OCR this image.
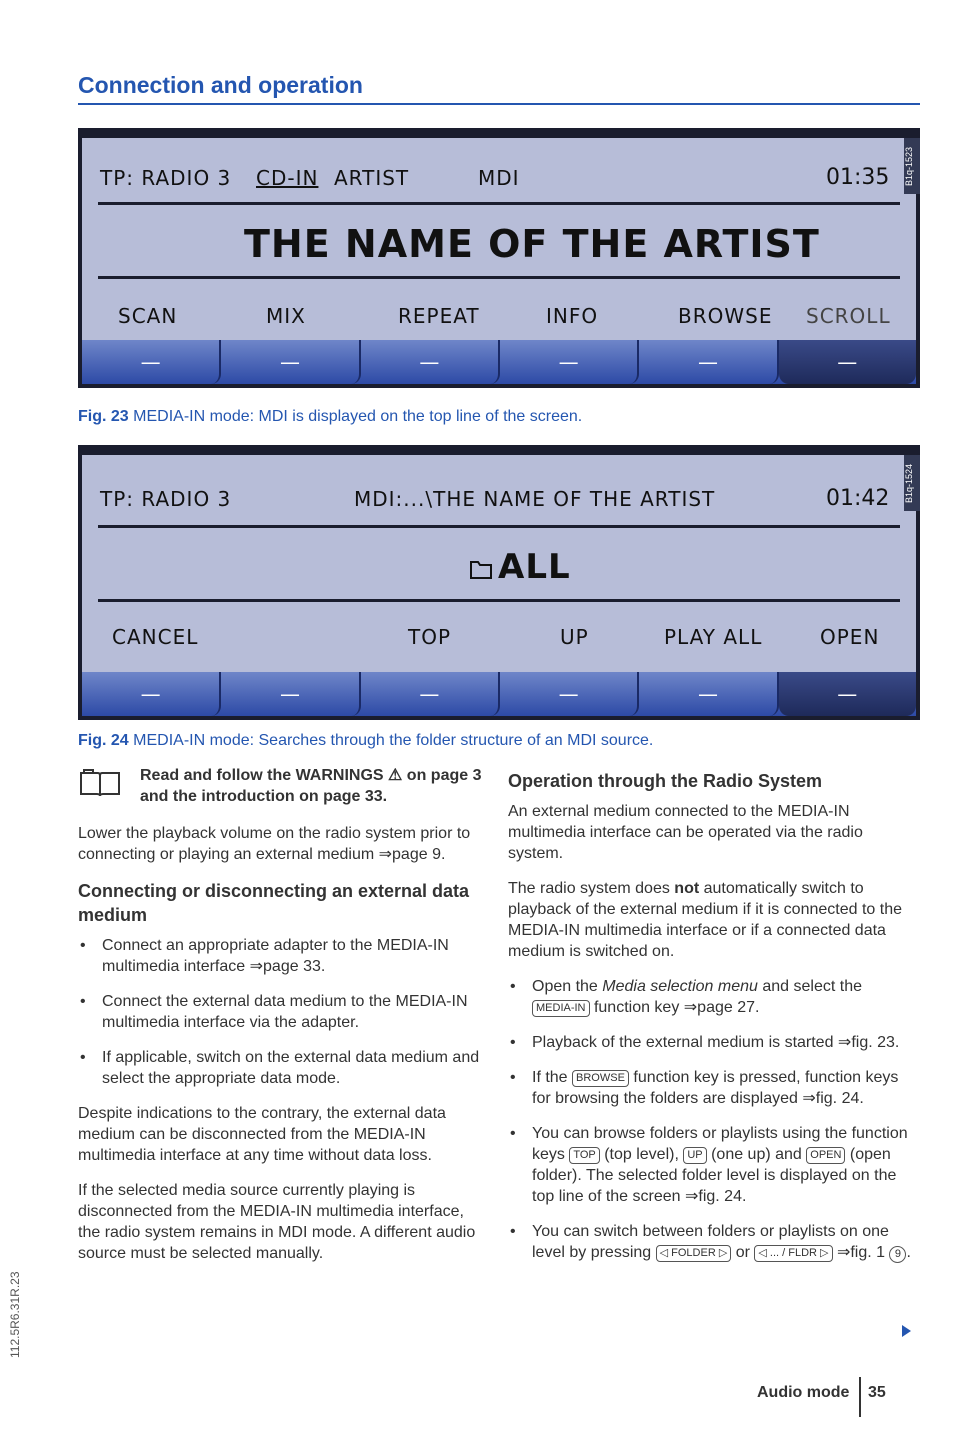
112.5R6.31R.23
Connection and operation
B1q-1523
TP: RADIO 3 CD-IN ARTIST	MDI	01:35
THE NAME OF THE ARTIST
SCAN	MIX	REPEAT	INFO	BROWSE SCROLL
—	—	—	—	—	—
Fig. 23 MEDIA-IN mode: MDI is displayed on the top line of the screen.
B1q-1524
TP: RADIO 3	MDI:...\THE NAME OF THE ARTIST	01:42
ALL
CANCEL	TOP	UP	PLAY ALL	OPEN
—	—	—	—	—	—
Fig. 24 MEDIA-IN mode: Searches through the folder structure of an MDI source.
Read and follow the WARNINGS ⚠ on page 3 and the introduction on page 33.

Lower the playback volume on the radio system prior to connecting or playing an external medium ⇒page 9.

Connecting or disconnecting an external data medium
• Connect an appropriate adapter to the MEDIA-IN multimedia interface ⇒page 33.
• Connect the external data medium to the MEDIA-IN multimedia interface via the adapter.
• If applicable, switch on the external data medium and select the appropriate data mode.

Despite indications to the contrary, the external data medium can be disconnected from the MEDIA-IN multimedia interface at any time without data loss.

If the selected media source currently playing is disconnected from the MEDIA-IN multimedia interface, the radio system remains in MDI mode. A different audio source must be selected manually.

Operation through the Radio System

An external medium connected to the MEDIA-IN multimedia interface can be operated via the radio system.

The radio system does not automatically switch to playback of the external medium if it is connected to the MEDIA-IN multimedia interface or if a connected data medium is switched on.

• Open the Media selection menu and select the MEDIA-IN function key ⇒page 27.
• Playback of the external medium is started ⇒fig. 23.
• If the BROWSE function key is pressed, function keys for browsing the folders are displayed ⇒fig. 24.
• You can browse folders or playlists using the function keys TOP (top level), UP (one up) and OPEN (open folder). The selected folder level is displayed on the top line of the screen ⇒fig. 24.
• You can switch between folders or playlists on one level by pressing ◁ FOLDER ▷ or ◁ ... / FLDR ▷ ⇒fig. 1 9 .
Audio mode 35
